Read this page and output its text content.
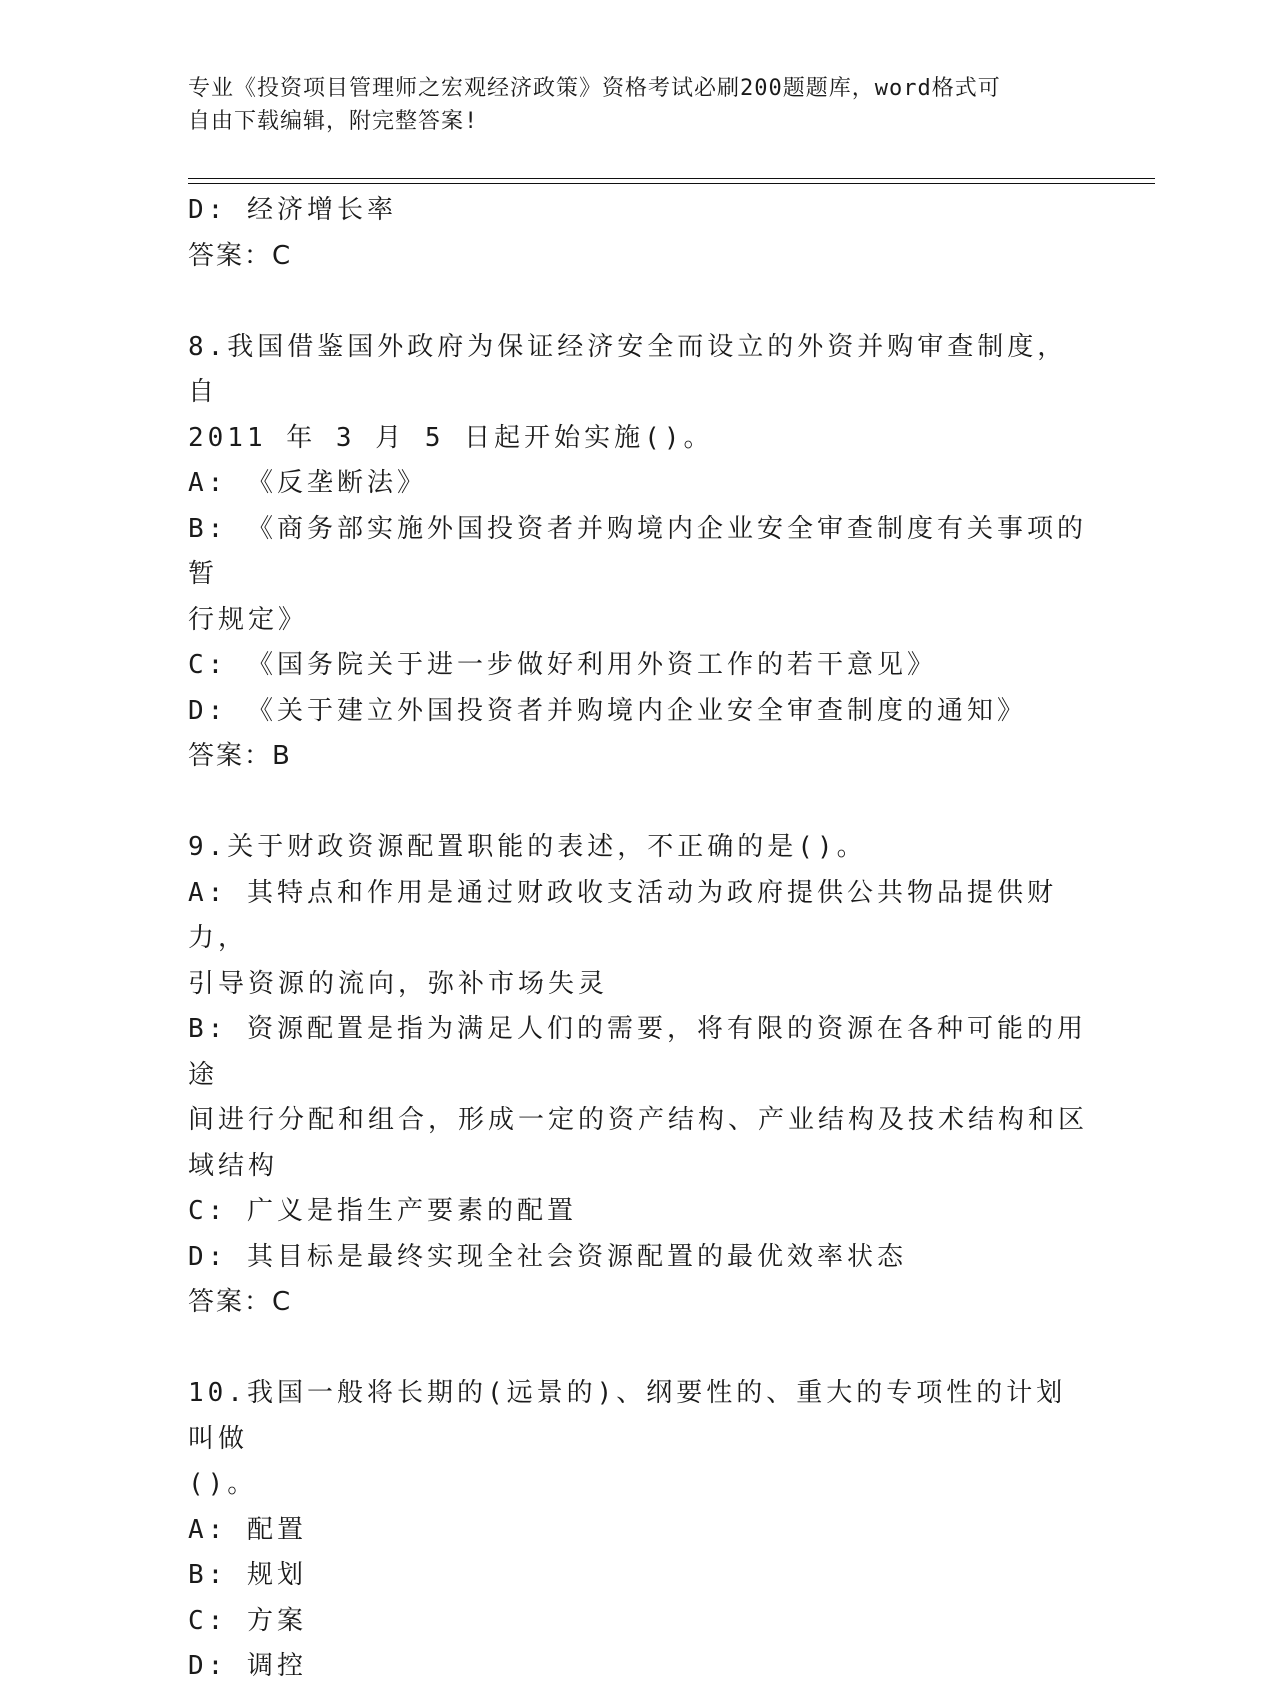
专业《投资项目管理师之宏观经济政策》资格考试必刷200题题库，word格式可
自由下载编辑，附完整答案!

D: 经济增长率

答案：C

8.我国借鉴国外政府为保证经济安全而设立的外资并购审查制度，自

2011 年 3 月 5 日起开始实施()。

A: 《反垄断法》

B: 《商务部实施外国投资者并购境内企业安全审查制度有关事项的暂

行规定》

C: 《国务院关于进一步做好利用外资工作的若干意见》

D: 《关于建立外国投资者并购境内企业安全审查制度的通知》

答案：B

9.关于财政资源配置职能的表述，不正确的是()。

A: 其特点和作用是通过财政收支活动为政府提供公共物品提供财力，

引导资源的流向，弥补市场失灵

B: 资源配置是指为满足人们的需要，将有限的资源在各种可能的用途

间进行分配和组合，形成一定的资产结构、产业结构及技术结构和区

域结构

C: 广义是指生产要素的配置

D: 其目标是最终实现全社会资源配置的最优效率状态

答案：C

10.我国一般将长期的(远景的)、纲要性的、重大的专项性的计划叫做

()。

A: 配置

B: 规划

C: 方案

D: 调控
